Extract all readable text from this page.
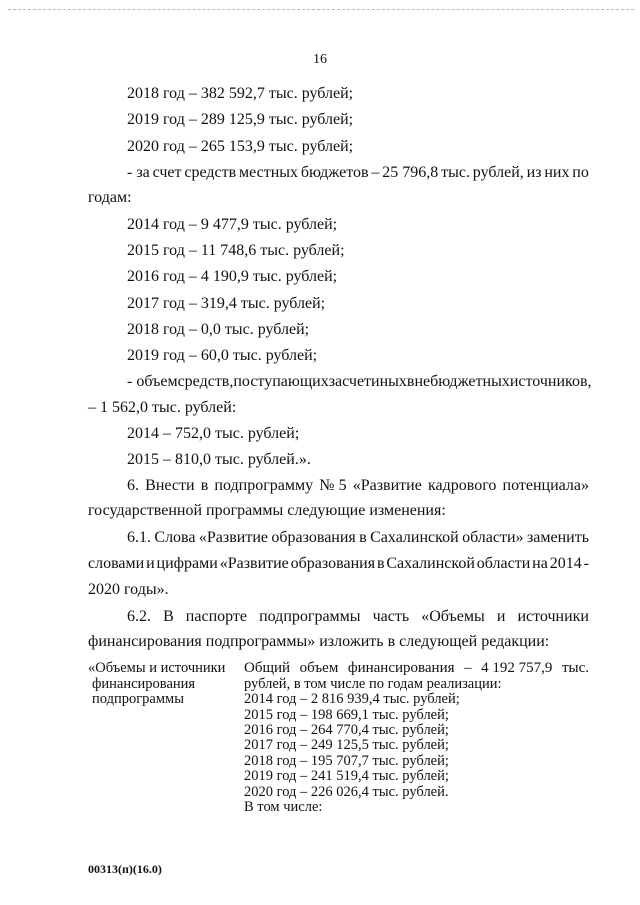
16
2018 год – 382 592,7 тыс. рублей;
2019 год – 289 125,9 тыс. рублей;
2020 год – 265 153,9 тыс. рублей;
- за счет средств местных бюджетов – 25 796,8 тыс. рублей, из них по
годам:
2014 год – 9 477,9 тыс. рублей;
2015 год – 11 748,6 тыс. рублей;
2016 год – 4 190,9 тыс. рублей;
2017 год – 319,4 тыс. рублей;
2018 год – 0,0 тыс. рублей;
2019 год – 60,0 тыс. рублей;
- объем средств, поступающих за счет иных внебюджетных источников,
– 1 562,0 тыс. рублей:
2014 – 752,0 тыс. рублей;
2015 – 810,0 тыс. рублей.».
6. Внести в подпрограмму № 5 «Развитие кадрового потенциала»
государственной программы следующие изменения:
6.1. Слова «Развитие образования в Сахалинской области» заменить
словами и цифрами «Развитие образования в Сахалинской области на 2014 -
2020 годы».
6.2. В паспорте подпрограммы часть «Объемы и источники
финансирования подпрограммы» изложить в следующей редакции:
«Объемы и источники
финансирования
подпрограммы
Общий объем финансирования – 4 192 757,9 тыс.
рублей, в том числе по годам реализации:
2014 год – 2 816 939,4 тыс. рублей;
2015 год – 198 669,1 тыс. рублей;
2016 год – 264 770,4 тыс. рублей;
2017 год – 249 125,5 тыс. рублей;
2018 год – 195 707,7 тыс. рублей;
2019 год – 241 519,4 тыс. рублей;
2020 год – 226 026,4 тыс. рублей.
В том числе:
00313(п)(16.0)
